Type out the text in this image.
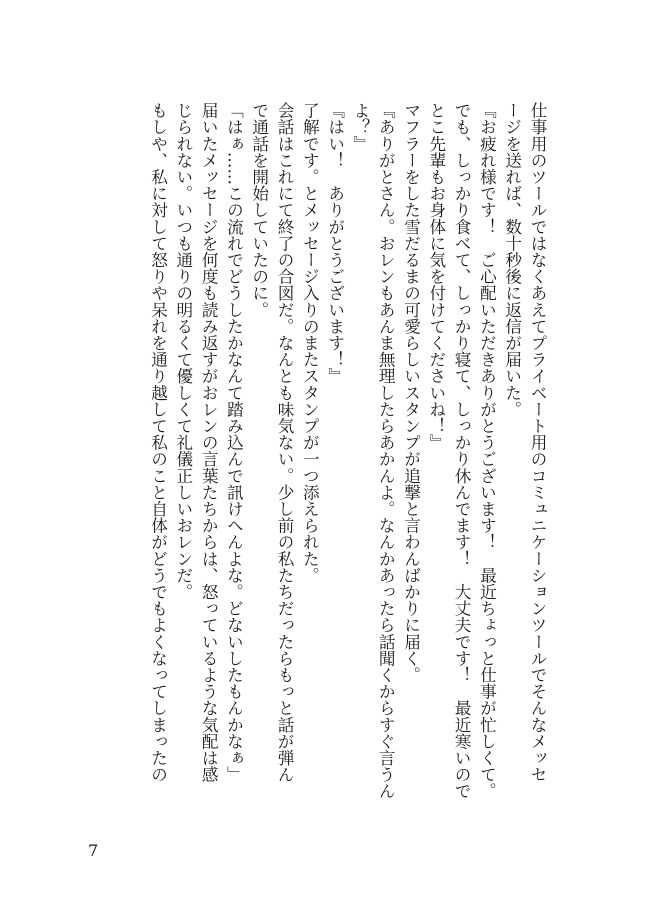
仕事用のツールではなくあえてプライベート用のコミュニケーションツールでそんなメッセ
ージを送れば、数十秒後に返信が届いた。
『お疲れ様です！　ご心配いただきありがとうございます！　最近ちょっと仕事が忙しくて。
でも、しっかり食べて、しっかり寝て、しっかり休んでます！　大丈夫です！　最近寒いので
とこ先輩もお身体に気を付けてくださいね！』
マフラーをした雪だるまの可愛らしいスタンプが追撃と言わんばかりに届く。
『ありがとさん。おレンもあんま無理したらあかんよ。なんかあったら話聞くからすぐ言うん
よ？』
『はい！　ありがとうございます！』
了解です。とメッセージ入りのまたスタンプが一つ添えられた。
会話はこれにて終了の合図だ。なんとも味気ない。少し前の私たちだったらもっと話が弾ん
で通話を開始していたのに。
「はぁ……この流れでどうしたかなんて踏み込んで訊けへんよな。どないしたもんかなぁ」
届いたメッセージを何度も読み返すがおレンの言葉たちからは、怒っているような気配は感
じられない。いつも通りの明るくて優しくて礼儀正しいおレンだ。
もしや、私に対して怒りや呆れを通り越して私のこと自体がどうでもよくなってしまったの
7
